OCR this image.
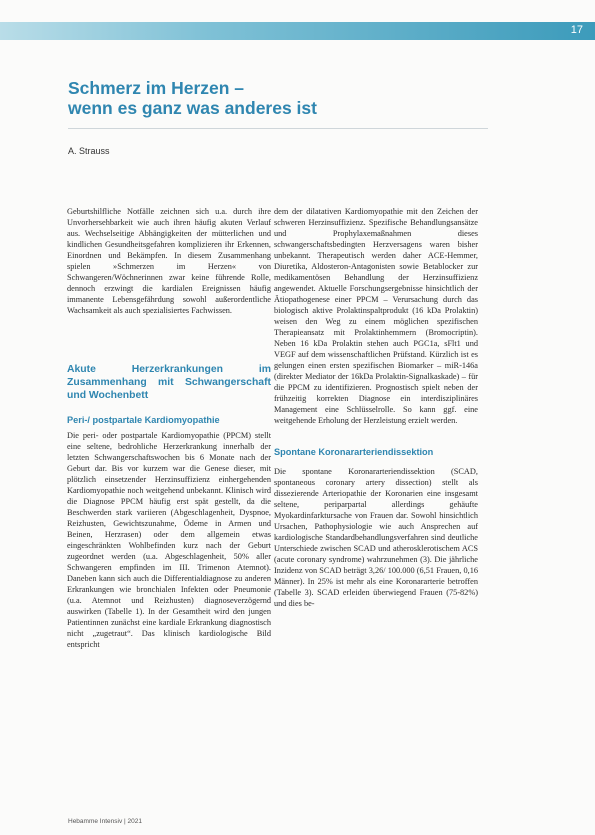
17
Schmerz im Herzen –
wenn es ganz was anderes ist
A. Strauss

Geburtshilfliche Notfälle zeichnen sich u.a. durch ihre Unvorhersehbarkeit wie auch ihren häufig akuten Verlauf aus. Wechselseitige Abhängigkeiten der mütterlichen und kindlichen Gesundheitsgefahren komplizieren ihr Erkennen, Einordnen und Bekämpfen. In diesem Zusammenhang spielen »Schmerzen im Herzen« von Schwangeren/Wöchnerinnen zwar keine führende Rolle, dennoch erzwingt die kardialen Ereignissen häufig immanente Lebensgefährdung sowohl außerordentliche Wachsamkeit als auch spezialisiertes Fachwissen.

Akute Herzerkrankungen im Zusammenhang mit Schwangerschaft und Wochenbett

Peri-/ postpartale Kardiomyopathie

Die peri- oder postpartale Kardiomyopathie (PPCM) stellt eine seltene, bedrohliche Herzerkrankung innerhalb der letzten Schwangerschaftswochen bis 6 Monate nach der Geburt dar. Bis vor kurzem war die Genese dieser, mit plötzlich einsetzender Herzinsuffizienz einhergehenden Kardiomyopathie noch weitgehend unbekannt. Klinisch wird die Diagnose PPCM häufig erst spät gestellt, da die Beschwerden stark variieren (Abgeschlagenheit, Dyspnoe, Reizhusten, Gewichtszunahme, Ödeme in Armen und Beinen, Herzrasen) oder dem allgemein etwas eingeschränkten Wohlbefinden kurz nach der Geburt zugeordnet werden (u.a. Abgeschlagenheit, 50% aller Schwangeren empfinden im III. Trimenon Atemnot). Daneben kann sich auch die Differentialdiagnose zu anderen Erkrankungen wie bronchialen Infekten oder Pneumonie (u.a. Atemnot und Reizhusten) diagnoseverzögernd auswirken (Tabelle 1). In der Gesamtheit wird den jungen Patientinnen zunächst eine kardiale Erkrankung diagnostisch nicht „zugetraut“. Das klinisch kardiologische Bild entspricht

dem der dilatativen Kardiomyopathie mit den Zeichen der schweren Herzinsuffizienz. Spezifische Behandlungsansätze und Prophylaxemaßnahmen dieses schwangerschaftsbedingten Herzversagens waren bisher unbekannt. Therapeutisch werden daher ACE-Hemmer, Diuretika, Aldosteron-Antagonisten sowie Betablocker zur medikamentösen Behandlung der Herzinsuffizienz angewendet. Aktuelle Forschungsergebnisse hinsichtlich der Ätiopathogenese einer PPCM – Verursachung durch das biologisch aktive Prolaktinspaltprodukt (16 kDa Prolaktin) weisen den Weg zu einem möglichen spezifischen Therapieansatz mit Prolaktinhemmern (Bromocriptin). Neben 16 kDa Prolaktin stehen auch PGC1a, sFlt1 und VEGF auf dem wissenschaftlichen Prüfstand. Kürzlich ist es gelungen einen ersten spezifischen Biomarker – miR-146a (direkter Mediator der 16kDa Prolaktin-Signalkaskade) – für die PPCM zu identifizieren. Prognostisch spielt neben der frühzeitig korrekten Diagnose ein interdisziplinäres Management eine Schlüsselrolle. So kann ggf. eine weitgehende Erholung der Herzleistung erzielt werden.

Spontane Koronararteriendissektion

Die spontane Koronararteriendissektion (SCAD, spontaneous coronary artery dissection) stellt als dissezierende Arteriopathie der Koronarien eine insgesamt seltene, periparpartal allerdings gehäufte Myokardinfarktursache von Frauen dar. Sowohl hinsichtlich Ursachen, Pathophysiologie wie auch Ansprechen auf kardiologische Standardbehandlungsverfahren sind deutliche Unterschiede zwischen SCAD und atherosklerotischem ACS (acute coronary syndrome) wahrzunehmen (3). Die jährliche Inzidenz von SCAD beträgt 3,26/ 100.000 (6,51 Frauen, 0,16 Männer). In 25% ist mehr als eine Koronararterie betroffen (Tabelle 3). SCAD erleiden überwiegend Frauen (75-82%) und dies be-

Hebamme Intensiv | 2021
